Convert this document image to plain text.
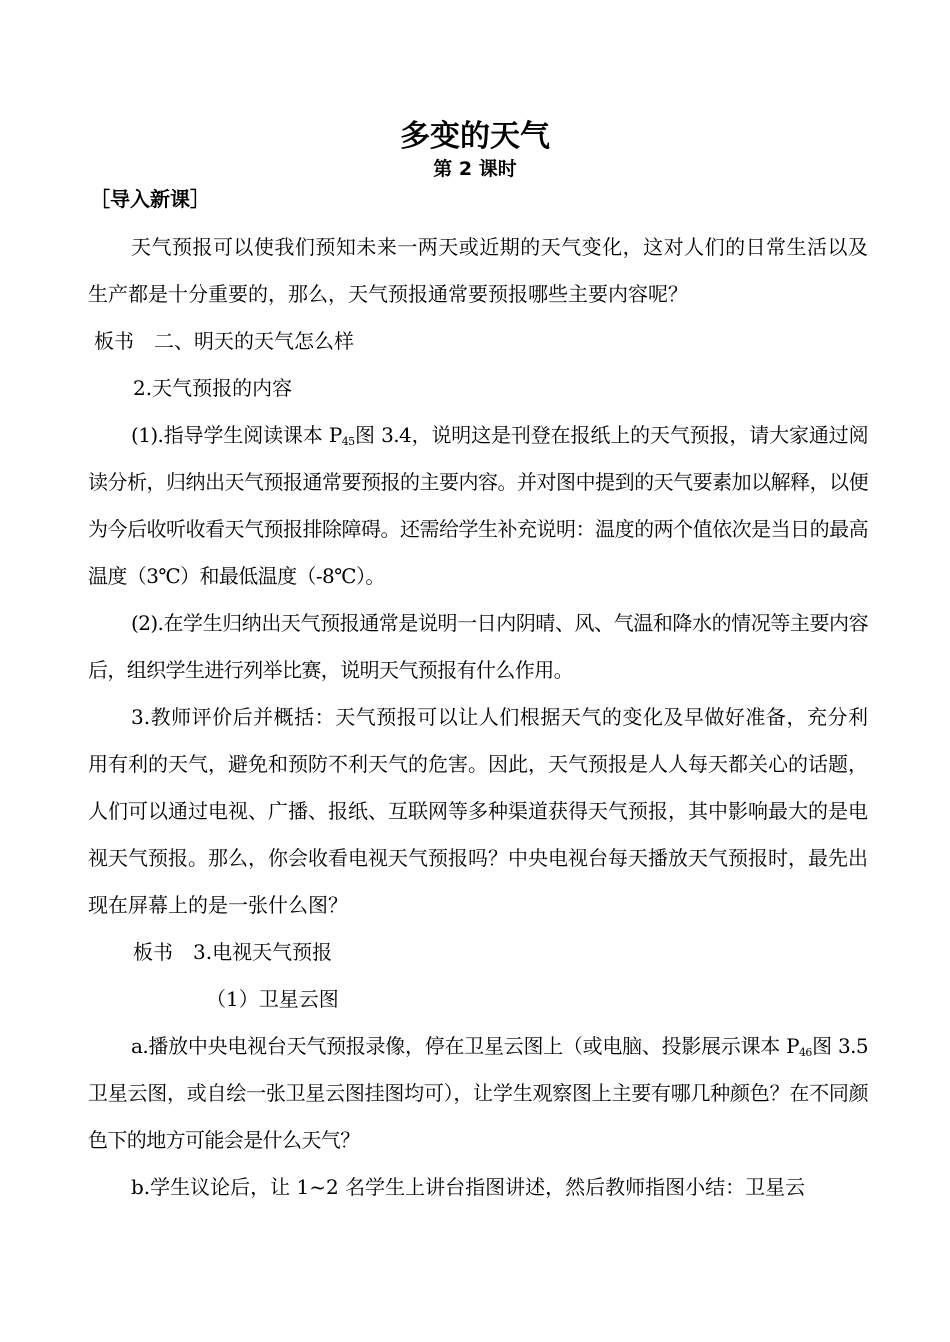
多变的天气
第 2 课时
［导入新课］

天气预报可以使我们预知未来一两天或近期的天气变化，这对人们的日常生活以及生产都是十分重要的，那么，天气预报通常要预报哪些主要内容呢？

板书　二、明天的天气怎么样

2.天气预报的内容

(1).指导学生阅读课本 $P_{45}$图 3.4，说明这是刊登在报纸上的天气预报，请大家通过阅读分析，归纳出天气预报通常要预报的主要内容。并对图中提到的天气要素加以解释，以便为今后收听收看天气预报排除障碍。还需给学生补充说明：温度的两个值依次是当日的最高温度（3℃）和最低温度（-8℃）。

(2).在学生归纳出天气预报通常是说明一日内阴晴、风、气温和降水的情况等主要内容后，组织学生进行列举比赛，说明天气预报有什么作用。

3.教师评价后并概括：天气预报可以让人们根据天气的变化及早做好准备，充分利用有利的天气，避免和预防不利天气的危害。因此，天气预报是人人每天都关心的话题，人们可以通过电视、广播、报纸、互联网等多种渠道获得天气预报，其中影响最大的是电视天气预报。那么，你会收看电视天气预报吗？中央电视台每天播放天气预报时，最先出现在屏幕上的是一张什么图？

板书　3.电视天气预报

（1）卫星云图

a.播放中央电视台天气预报录像，停在卫星云图上（或电脑、投影展示课本 $P_{46}$图 3.5 卫星云图，或自绘一张卫星云图挂图均可），让学生观察图上主要有哪几种颜色？在不同颜色下的地方可能会是什么天气？

b.学生议论后，让 1~2 名学生上讲台指图讲述，然后教师指图小结：卫星云
